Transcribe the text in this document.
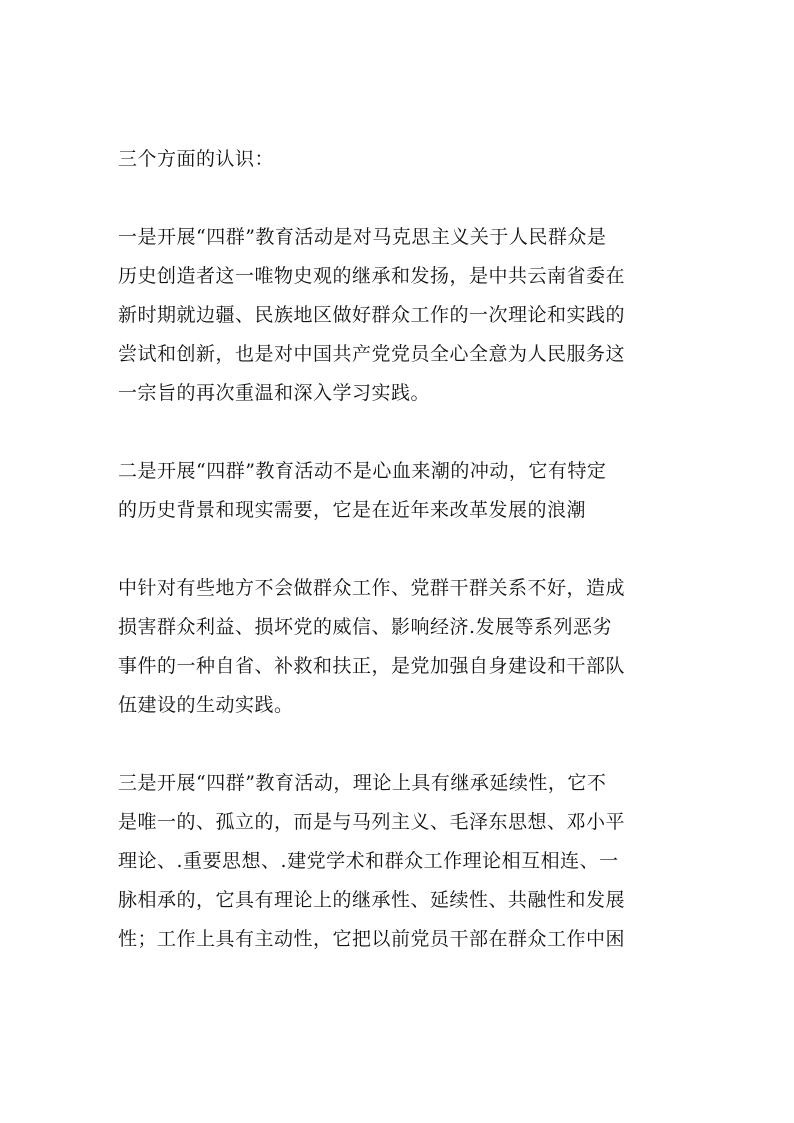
三个方面的认识：
一是开展“四群”教育活动是对马克思主义关于人民群众是
历史创造者这一唯物史观的继承和发扬，是中共云南省委在
新时期就边疆、民族地区做好群众工作的一次理论和实践的
尝试和创新，也是对中国共产党党员全心全意为人民服务这
一宗旨的再次重温和深入学习实践。
二是开展“四群”教育活动不是心血来潮的冲动，它有特定
的历史背景和现实需要，它是在近年来改革发展的浪潮
中针对有些地方不会做群众工作、党群干群关系不好，造成
损害群众利益、损坏党的威信、影响经济.发展等系列恶劣
事件的一种自省、补救和扶正，是党加强自身建设和干部队
伍建设的生动实践。
三是开展“四群”教育活动，理论上具有继承延续性，它不
是唯一的、孤立的，而是与马列主义、毛泽东思想、邓小平
理论、.重要思想、.建党学术和群众工作理论相互相连、一
脉相承的，它具有理论上的继承性、延续性、共融性和发展
性；工作上具有主动性，它把以前党员干部在群众工作中困
